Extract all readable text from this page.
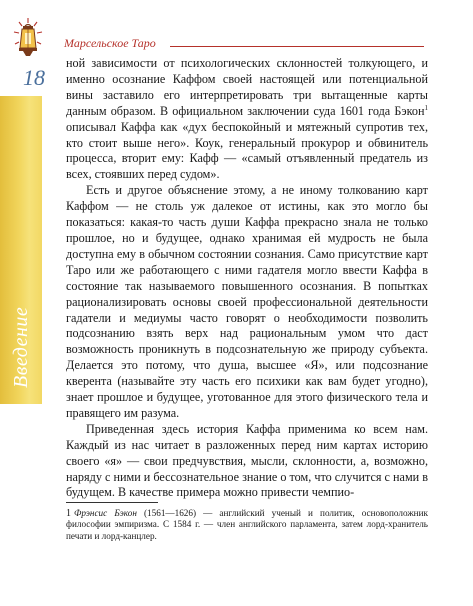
Марсельское Таро
18
Введение

ной зависимости от психологических склонностей толкующего, и именно осознание Каффом своей настоящей или потенциальной вины заставило его интерпретировать три вытащенные карты данным образом. В официальном заключении суда 1601 года Бэкон$^1$ описывал Каффа как «дух беспокойный и мятежный супротив тех, кто стоит выше него». Коук, генеральный прокурор и обвинитель процесса, вторит ему: Кафф — «самый отъявленный предатель из всех, стоявших перед судом».

Есть и другое объяснение этому, а не иному толкованию карт Каффом — не столь уж далекое от истины, как это могло бы показаться: какая-то часть души Каффа прекрасно знала не только прошлое, но и будущее, однако хранимая ей мудрость не была доступна ему в обычном состоянии сознания. Само присутствие карт Таро или же работающего с ними гадателя могло ввести Каффа в состояние так называемого повышенного осознания. В попытках рационализировать основы своей профессиональной деятельности гадатели и медиумы часто говорят о необходимости позволить подсознанию взять верх над рациональным умом что даст возможность проникнуть в подсознательную же природу субъекта. Делается это потому, что душа, высшее «Я», или подсознание кверента (называйте эту часть его психики как вам будет угодно), знает прошлое и будущее, уготованное для этого физического тела и правящего им разума.

Приведенная здесь история Каффа применима ко всем нам. Каждый из нас читает в разложенных перед ним картах историю своего «я» — свои предчувствия, мысли, склонности, а, возможно, наряду с ними и бессознательное знание о том, что случится с нами в будущем. В качестве примера можно привести чемпио-

1 Фрэнсис Бэкон (1561—1626) — английский ученый и политик, основоположник философии эмпиризма. С 1584 г. — член английского парламента, затем лорд-хранитель печати и лорд-канцлер.
